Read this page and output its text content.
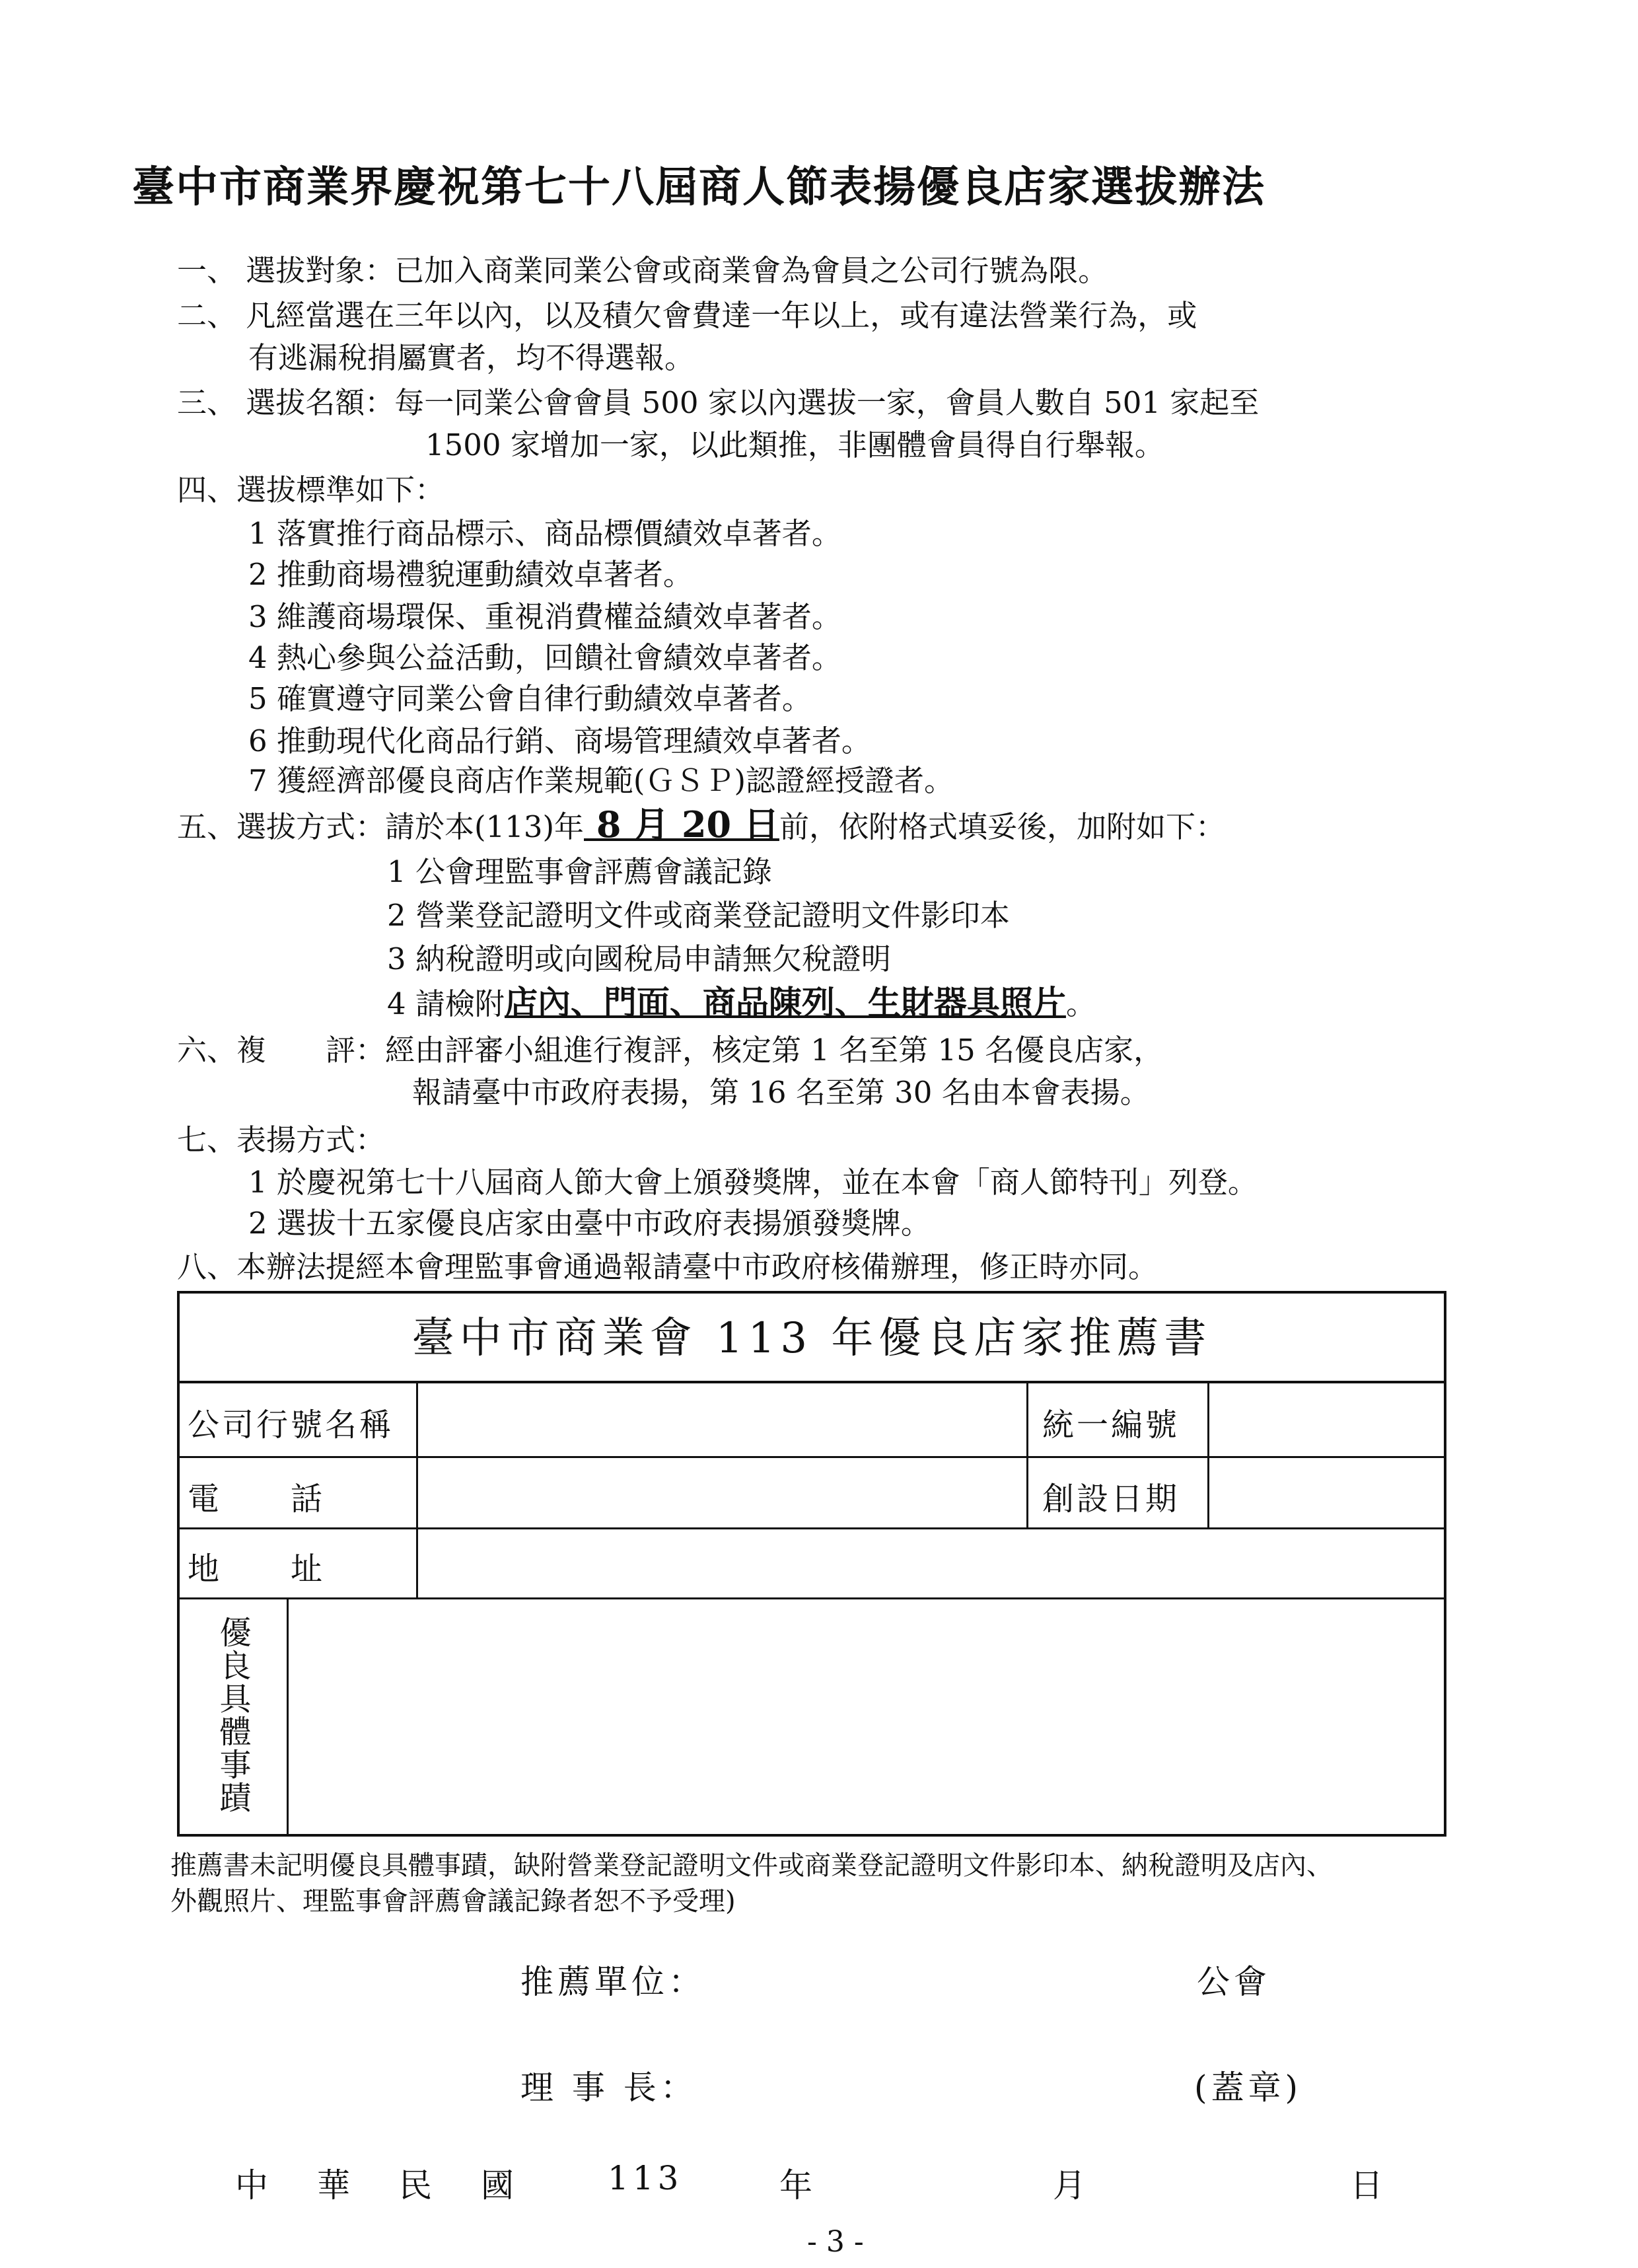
臺中市商業界慶祝第七十八屆商人節表揚優良店家選拔辦法
一、 選拔對象：已加入商業同業公會或商業會為會員之公司行號為限。
二、 凡經當選在三年以內，以及積欠會費達一年以上，或有違法營業行為，或
有逃漏稅捐屬實者，均不得選報。
三、 選拔名額：每一同業公會會員 500 家以內選拔一家，會員人數自 501 家起至
1500 家增加一家，以此類推，非團體會員得自行舉報。
四、選拔標準如下：
1 落實推行商品標示、商品標價績效卓著者。
2 推動商場禮貌運動績效卓著者。
3 維護商場環保、重視消費權益績效卓著者。
4 熱心參與公益活動，回饋社會績效卓著者。
5 確實遵守同業公會自律行動績效卓著者。
6 推動現代化商品行銷、商場管理績效卓著者。
7 獲經濟部優良商店作業規範(ＧＳＰ)認證經授證者。
五、選拔方式：請於本(113)年 8 月 20 日前，依附格式填妥後，加附如下：
1 公會理監事會評薦會議記錄
2 營業登記證明文件或商業登記證明文件影印本
3 納稅證明或向國稅局申請無欠稅證明
4 請檢附店內、門面、商品陳列、生財器具照片。
六、複　　評：經由評審小組進行複評，核定第 1 名至第 15 名優良店家，
報請臺中市政府表揚，第 16 名至第 30 名由本會表揚。
七、表揚方式：
1 於慶祝第七十八屆商人節大會上頒發獎牌，並在本會「商人節特刊」列登。
2 選拔十五家優良店家由臺中市政府表揚頒發獎牌。
八、本辦法提經本會理監事會通過報請臺中市政府核備辦理，修正時亦同。
臺中市商業會 113 年優良店家推薦書
公司行號名稱	統一編號
電　　話	創設日期
地　　址
優良具體事蹟
推薦書未記明優良具體事蹟，缺附營業登記證明文件或商業登記證明文件影印本、納稅證明及店內、
外觀照片、理監事會評薦會議記錄者恕不予受理)
推薦單位：	公會
理 事 長：	(蓋章)
中　華　民　國	113	年	月	日
- 3 -
